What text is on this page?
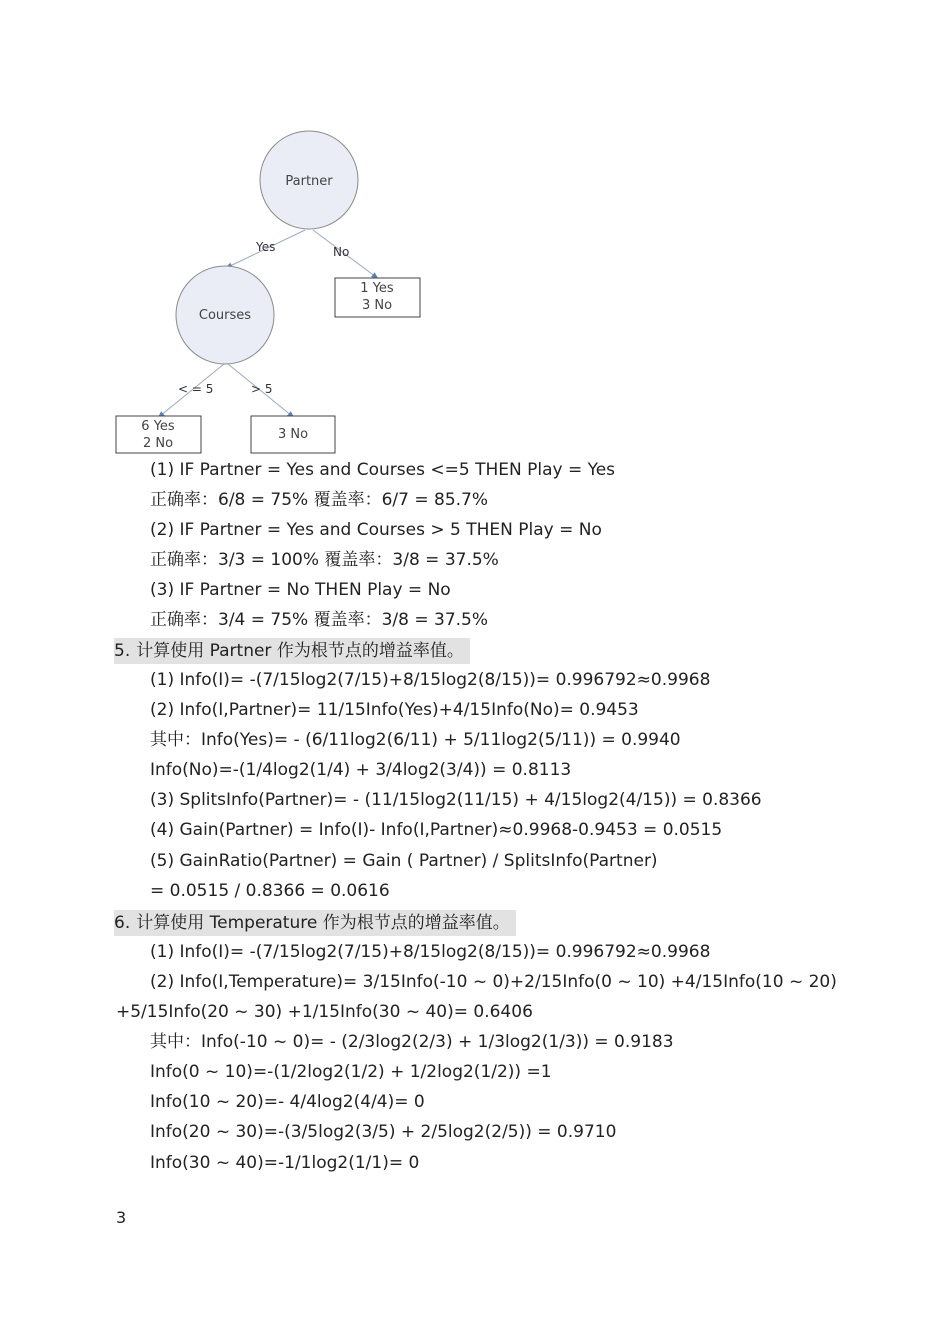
Partner
Yes	No
1 Yes
3 No
Courses
< = 5	> 5
6 Yes
2 No
3 No
(1) IF Partner = Yes and Courses <=5 THEN Play = Yes
正确率：6/8 = 75% 覆盖率：6/7 = 85.7%
(2) IF Partner = Yes and Courses > 5 THEN Play = No
正确率：3/3 = 100% 覆盖率：3/8 = 37.5%
(3) IF Partner = No THEN Play = No
正确率：3/4 = 75% 覆盖率：3/8 = 37.5%
5. 计算使用 Partner 作为根节点的增益率值。
(1) Info(I)= -(7/15log2(7/15)+8/15log2(8/15))= 0.996792≈0.9968
(2) Info(I,Partner)= 11/15Info(Yes)+4/15Info(No)= 0.9453
其中：Info(Yes)= - (6/11log2(6/11) + 5/11log2(5/11)) = 0.9940
Info(No)=-(1/4log2(1/4) + 3/4log2(3/4)) = 0.8113
(3) SplitsInfo(Partner)= - (11/15log2(11/15) + 4/15log2(4/15)) = 0.8366
(4) Gain(Partner) = Info(I)- Info(I,Partner)≈0.9968-0.9453 = 0.0515
(5) GainRatio(Partner) = Gain ( Partner) / SplitsInfo(Partner)
= 0.0515 / 0.8366 = 0.0616
6. 计算使用 Temperature 作为根节点的增益率值。
(1) Info(I)= -(7/15log2(7/15)+8/15log2(8/15))= 0.996792≈0.9968
(2) Info(I,Temperature)= 3/15Info(-10 ~ 0)+2/15Info(0 ~ 10) +4/15Info(10 ~ 20)
+5/15Info(20 ~ 30) +1/15Info(30 ~ 40)= 0.6406
其中：Info(-10 ~ 0)= - (2/3log2(2/3) + 1/3log2(1/3)) = 0.9183
Info(0 ~ 10)=-(1/2log2(1/2) + 1/2log2(1/2)) =1
Info(10 ~ 20)=- 4/4log2(4/4)= 0
Info(20 ~ 30)=-(3/5log2(3/5) + 2/5log2(2/5)) = 0.9710
Info(30 ~ 40)=-1/1log2(1/1)= 0
3
